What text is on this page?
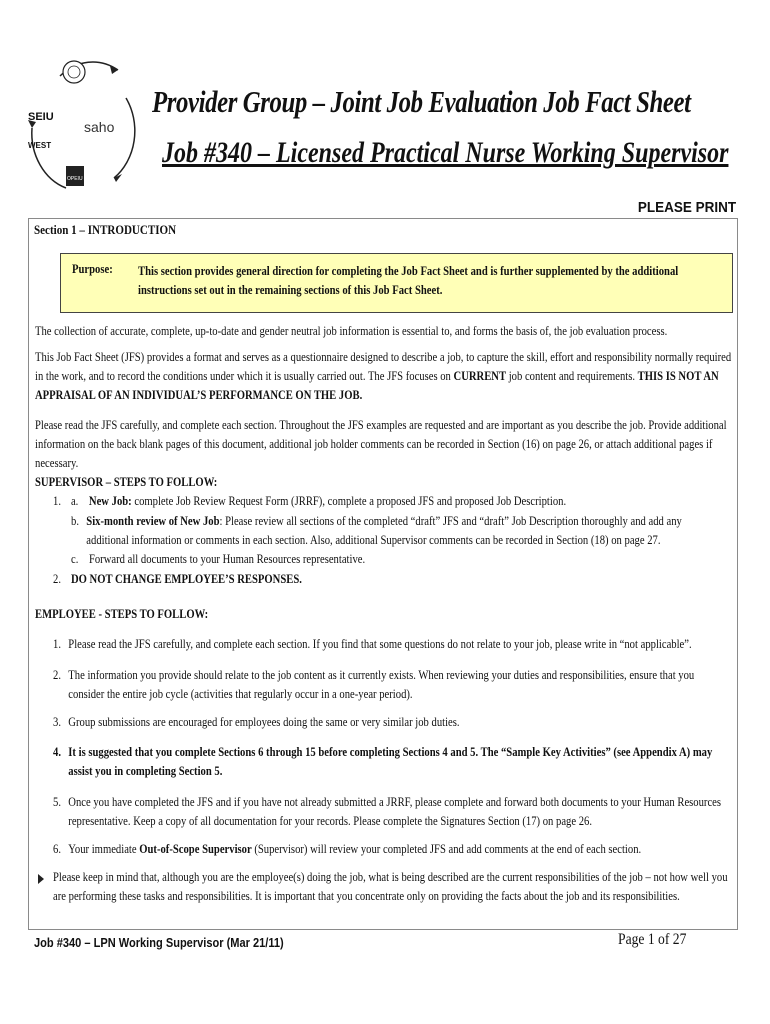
SEIU
WEST
saho
OPEIU
Provider Group – Joint Job Evaluation Job Fact Sheet
Job #340 – Licensed Practical Nurse Working Supervisor
PLEASE PRINT
Section 1 – INTRODUCTION
Purpose: This section provides general direction for completing the Job Fact Sheet and is further supplemented by the additional instructions set out in the remaining sections of this Job Fact Sheet.
The collection of accurate, complete, up-to-date and gender neutral job information is essential to, and forms the basis of, the job evaluation process.
This Job Fact Sheet (JFS) provides a format and serves as a questionnaire designed to describe a job, to capture the skill, effort and responsibility normally required in the work, and to record the conditions under which it is usually carried out. The JFS focuses on CURRENT job content and requirements. THIS IS NOT AN APPRAISAL OF AN INDIVIDUAL’S PERFORMANCE ON THE JOB.
Please read the JFS carefully, and complete each section. Throughout the JFS examples are requested and are important as you describe the job. Provide additional information on the back blank pages of this document, additional job holder comments can be recorded in Section (16) on page 26, or attach additional pages if necessary.
SUPERVISOR – STEPS TO FOLLOW:
1. a. New Job: complete Job Review Request Form (JRRF), complete a proposed JFS and proposed Job Description.
b. Six-month review of New Job: Please review all sections of the completed “draft” JFS and “draft” Job Description thoroughly and add any additional information or comments in each section. Also, additional Supervisor comments can be recorded in Section (18) on page 27.
c. Forward all documents to your Human Resources representative.
2. DO NOT CHANGE EMPLOYEE’S RESPONSES.
EMPLOYEE - STEPS TO FOLLOW:
1. Please read the JFS carefully, and complete each section. If you find that some questions do not relate to your job, please write in “not applicable”.
2. The information you provide should relate to the job content as it currently exists. When reviewing your duties and responsibilities, ensure that you consider the entire job cycle (activities that regularly occur in a one-year period).
3. Group submissions are encouraged for employees doing the same or very similar job duties.
4. It is suggested that you complete Sections 6 through 15 before completing Sections 4 and 5. The “Sample Key Activities” (see Appendix A) may assist you in completing Section 5.
5. Once you have completed the JFS and if you have not already submitted a JRRF, please complete and forward both documents to your Human Resources representative. Keep a copy of all documentation for your records. Please complete the Signatures Section (17) on page 26.
6. Your immediate Out-of-Scope Supervisor (Supervisor) will review your completed JFS and add comments at the end of each section.
Please keep in mind that, although you are the employee(s) doing the job, what is being described are the current responsibilities of the job – not how well you are performing these tasks and responsibilities. It is important that you concentrate only on providing the facts about the job and its responsibilities.
Job #340 – LPN Working Supervisor (Mar 21/11)	Page 1 of 27
